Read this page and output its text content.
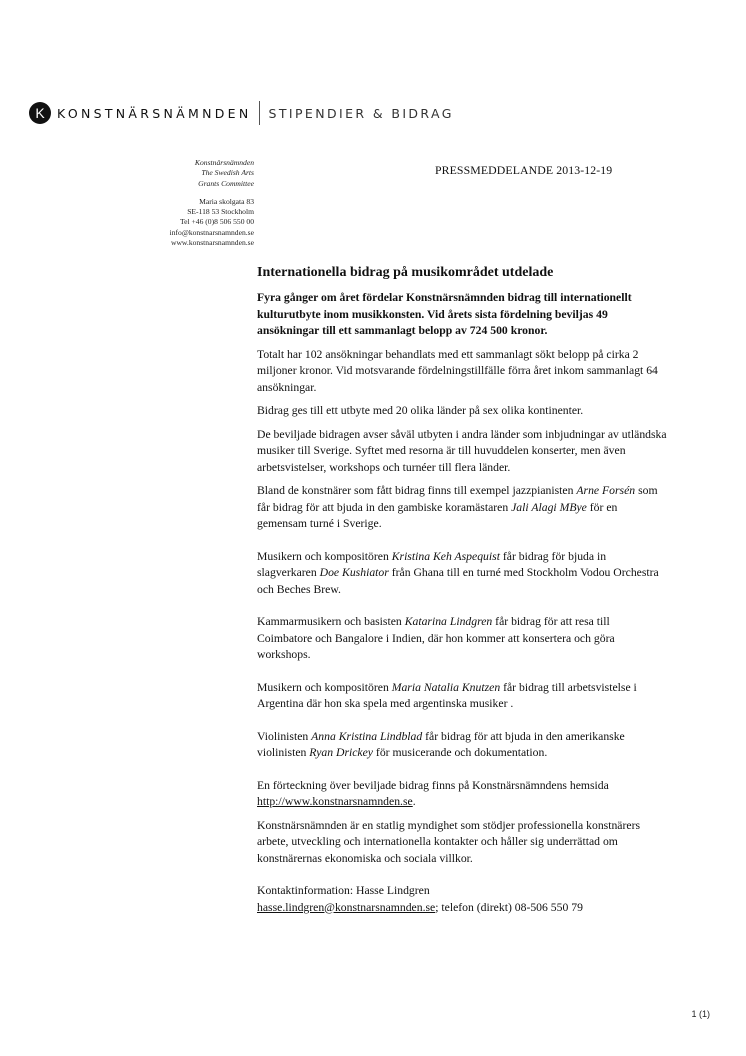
K KONSTNÄRSNÄMNDEN STIPENDIER & BIDRAG
Konstnärsnämnden
The Swedish Arts
Grants Committee
Maria skolgata 83
SE-118 53 Stockholm
Tel +46 (0)8 506 550 00
info@konstnarsnamnden.se
www.konstnarsnamnden.se
PRESSMEDDELANDE 2013-12-19
Internationella bidrag på musikområdet utdelade

Fyra gånger om året fördelar Konstnärsnämnden bidrag till internationellt kulturutbyte inom musikkonsten. Vid årets sista fördelning beviljas 49 ansökningar till ett sammanlagt belopp av 724 500 kronor.

Totalt har 102 ansökningar behandlats med ett sammanlagt sökt belopp på cirka 2 miljoner kronor. Vid motsvarande fördelningstillfälle förra året inkom sammanlagt 64 ansökningar.

Bidrag ges till ett utbyte med 20 olika länder på sex olika kontinenter.

De beviljade bidragen avser såväl utbyten i andra länder som inbjudningar av utländska musiker till Sverige. Syftet med resorna är till huvuddelen konserter, men även arbetsvistelser, workshops och turnéer till flera länder.

Bland de konstnärer som fått bidrag finns till exempel jazzpianisten Arne Forsén som får bidrag för att bjuda in den gambiske koramästaren Jali Alagi MBye för en gemensam turné i Sverige.

Musikern och kompositören Kristina Keh Aspequist får bidrag för bjuda in slagverkaren Doe Kushiator från Ghana till en turné med Stockholm Vodou Orchestra och Beches Brew.

Kammarmusikern och basisten Katarina Lindgren får bidrag för att resa till Coimbatore och Bangalore i Indien, där hon kommer att konsertera och göra workshops.

Musikern och kompositören Maria Natalia Knutzen får bidrag till arbetsvistelse i Argentina där hon ska spela med argentinska musiker .

Violinisten Anna Kristina Lindblad får bidrag för att bjuda in den amerikanske violinisten Ryan Drickey för musicerande och dokumentation.

En förteckning över beviljade bidrag finns på Konstnärsnämndens hemsida http://www.konstnarsnamnden.se.

Konstnärsnämnden är en statlig myndighet som stödjer professionella konstnärers arbete, utveckling och internationella kontakter och håller sig underrättad om konstnärernas ekonomiska och sociala villkor.

Kontaktinformation: Hasse Lindgren
hasse.lindgren@konstnarsnamnden.se; telefon (direkt) 08-506 550 79

1 (1)
